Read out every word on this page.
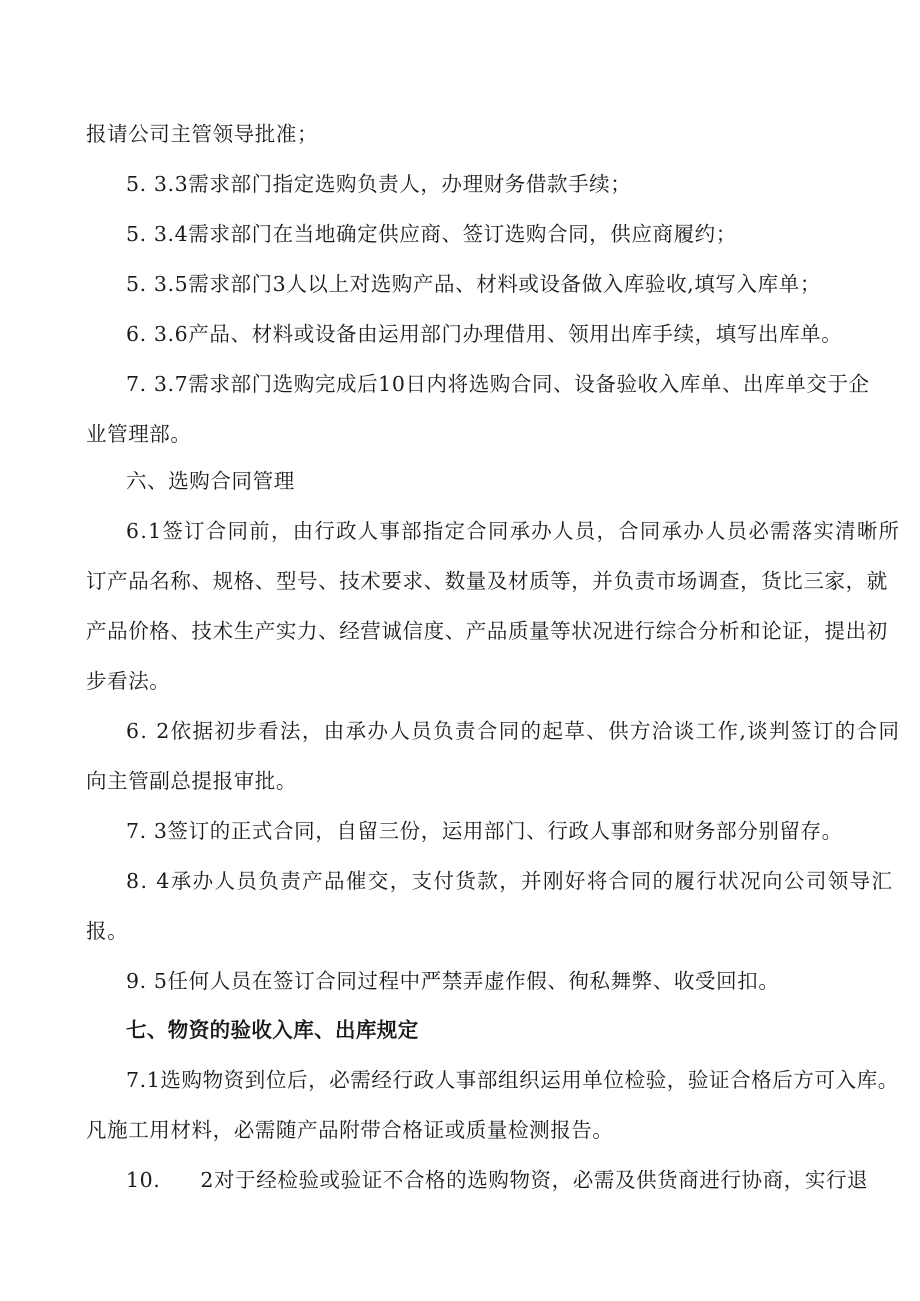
报请公司主管领导批准；
5. 3.3需求部门指定选购负责人，办理财务借款手续；
5. 3.4需求部门在当地确定供应商、签订选购合同，供应商履约；
5. 3.5需求部门3人以上对选购产品、材料或设备做入库验收,填写入库单；
6. 3.6产品、材料或设备由运用部门办理借用、领用出库手续，填写出库单。
7. 3.7需求部门选购完成后10日内将选购合同、设备验收入库单、出库单交于企
业管理部。
六、选购合同管理
6.1签订合同前，由行政人事部指定合同承办人员，合同承办人员必需落实清晰所
订产品名称、规格、型号、技术要求、数量及材质等，并负责市场调查，货比三家，就
产品价格、技术生产实力、经营诚信度、产品质量等状况进行综合分析和论证，提出初
步看法。
6. 2依据初步看法，由承办人员负责合同的起草、供方洽谈工作,谈判签订的合同
向主管副总提报审批。
7. 3签订的正式合同，自留三份，运用部门、行政人事部和财务部分别留存。
8. 4承办人员负责产品催交，支付货款，并刚好将合同的履行状况向公司领导汇
报。
9. 5任何人员在签订合同过程中严禁弄虚作假、徇私舞弊、收受回扣。
七、物资的验收入库、出库规定
7.1选购物资到位后，必需经行政人事部组织运用单位检验，验证合格后方可入库。
凡施工用材料，必需随产品附带合格证或质量检测报告。
10. 2对于经检验或验证不合格的选购物资，必需及供货商进行协商，实行退
